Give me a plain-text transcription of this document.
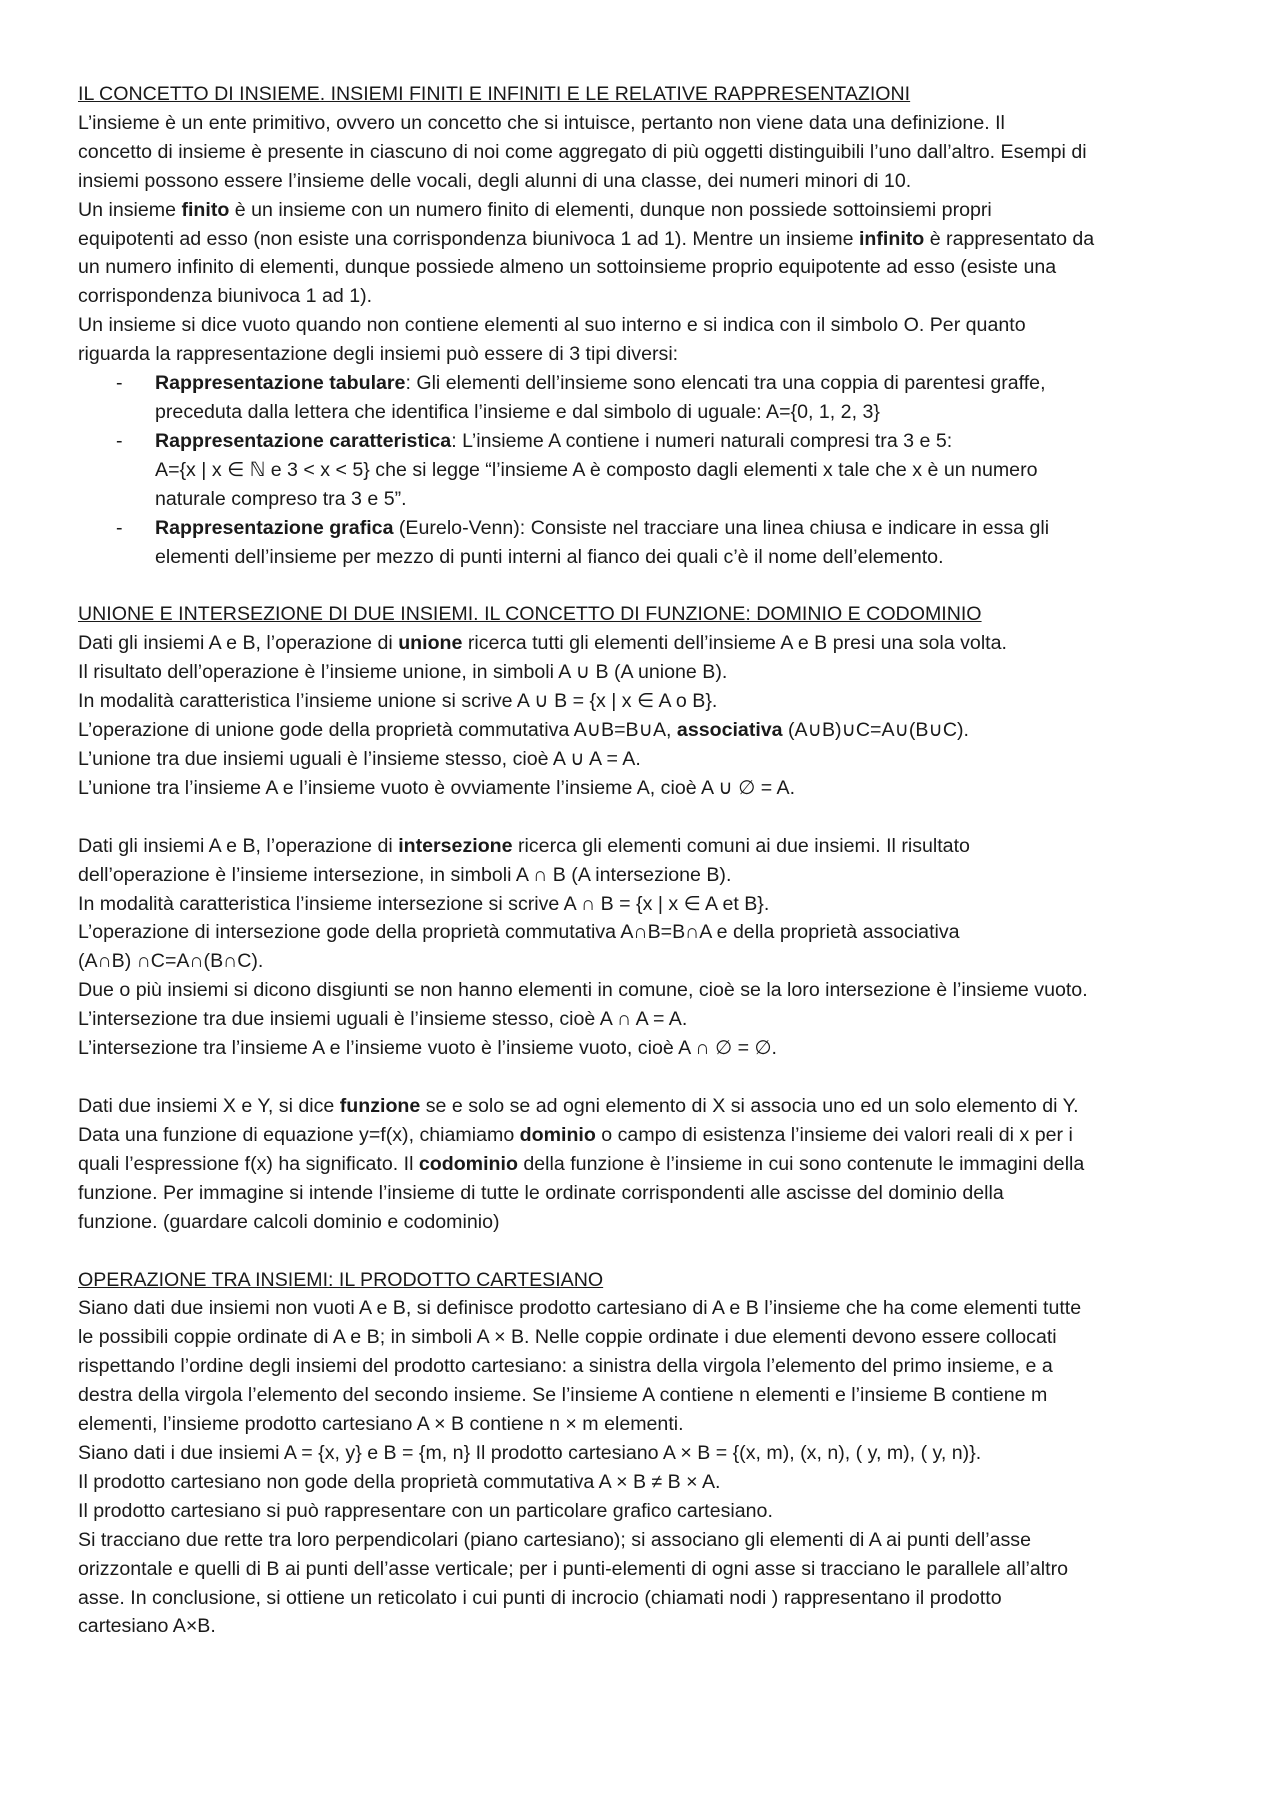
IL CONCETTO DI INSIEME. INSIEMI FINITI E INFINITI E LE RELATIVE RAPPRESENTAZIONI
L’insieme è un ente primitivo, ovvero un concetto che si intuisce, pertanto non viene data una definizione. Il
concetto di insieme è presente in ciascuno di noi come aggregato di più oggetti distinguibili l’uno dall’altro. Esempi di
insiemi possono essere l’insieme delle vocali, degli alunni di una classe, dei numeri minori di 10.
Un insieme finito è un insieme con un numero finito di elementi, dunque non possiede sottoinsiemi propri
equipotenti ad esso (non esiste una corrispondenza biunivoca 1 ad 1). Mentre un insieme infinito è rappresentato da
un numero infinito di elementi, dunque possiede almeno un sottoinsieme proprio equipotente ad esso (esiste una
corrispondenza biunivoca 1 ad 1).
Un insieme si dice vuoto quando non contiene elementi al suo interno e si indica con il simbolo O. Per quanto
riguarda la rappresentazione degli insiemi può essere di 3 tipi diversi:
- Rappresentazione tabulare: Gli elementi dell’insieme sono elencati tra una coppia di parentesi graffe,
preceduta dalla lettera che identifica l’insieme e dal simbolo di uguale: A={0, 1, 2, 3}
- Rappresentazione caratteristica: L’insieme A contiene i numeri naturali compresi tra 3 e 5:
A={x | x ∈ ℕ e 3 < x < 5} che si legge “l’insieme A è composto dagli elementi x tale che x è un numero
naturale compreso tra 3 e 5”.
- Rappresentazione grafica (Eurelo-Venn): Consiste nel tracciare una linea chiusa e indicare in essa gli
elementi dell’insieme per mezzo di punti interni al fianco dei quali c’è il nome dell’elemento.
UNIONE E INTERSEZIONE DI DUE INSIEMI. IL CONCETTO DI FUNZIONE: DOMINIO E CODOMINIO
Dati gli insiemi A e B, l’operazione di unione ricerca tutti gli elementi dell’insieme A e B presi una sola volta.
Il risultato dell’operazione è l’insieme unione, in simboli A ∪ B (A unione B).
In modalità caratteristica l’insieme unione si scrive A ∪ B = {x | x ∈ A o B}.
L’operazione di unione gode della proprietà commutativa A∪B=B∪A, associativa (A∪B)∪C=A∪(B∪C).
L’unione tra due insiemi uguali è l’insieme stesso, cioè A ∪ A = A.
L’unione tra l’insieme A e l’insieme vuoto è ovviamente l’insieme A, cioè A ∪ ∅ = A.
Dati gli insiemi A e B, l’operazione di intersezione ricerca gli elementi comuni ai due insiemi. Il risultato
dell’operazione è l’insieme intersezione, in simboli A ∩ B (A intersezione B).
In modalità caratteristica l’insieme intersezione si scrive A ∩ B = {x | x ∈ A et B}.
L’operazione di intersezione gode della proprietà commutativa A∩B=B∩A e della proprietà associativa
(A∩B) ∩C=A∩(B∩C).
Due o più insiemi si dicono disgiunti se non hanno elementi in comune, cioè se la loro intersezione è l’insieme vuoto.
L’intersezione tra due insiemi uguali è l’insieme stesso, cioè A ∩ A = A.
L’intersezione tra l’insieme A e l’insieme vuoto è l’insieme vuoto, cioè A ∩ ∅ = ∅.
Dati due insiemi X e Y, si dice funzione se e solo se ad ogni elemento di X si associa uno ed un solo elemento di Y.
Data una funzione di equazione y=f(x), chiamiamo dominio o campo di esistenza l’insieme dei valori reali di x per i
quali l’espressione f(x) ha significato. Il codominio della funzione è l’insieme in cui sono contenute le immagini della
funzione. Per immagine si intende l’insieme di tutte le ordinate corrispondenti alle ascisse del dominio della
funzione. (guardare calcoli dominio e codominio)
OPERAZIONE TRA INSIEMI: IL PRODOTTO CARTESIANO
Siano dati due insiemi non vuoti A e B, si definisce prodotto cartesiano di A e B l’insieme che ha come elementi tutte
le possibili coppie ordinate di A e B; in simboli A × B. Nelle coppie ordinate i due elementi devono essere collocati
rispettando l’ordine degli insiemi del prodotto cartesiano: a sinistra della virgola l’elemento del primo insieme, e a
destra della virgola l’elemento del secondo insieme. Se l’insieme A contiene n elementi e l’insieme B contiene m
elementi, l’insieme prodotto cartesiano A × B contiene n × m elementi.
Siano dati i due insiemi A = {x, y} e B = {m, n} Il prodotto cartesiano A × B = {(x, m), (x, n), ( y, m), ( y, n)}.
Il prodotto cartesiano non gode della proprietà commutativa A × B ≠ B × A.
Il prodotto cartesiano si può rappresentare con un particolare grafico cartesiano.
Si tracciano due rette tra loro perpendicolari (piano cartesiano); si associano gli elementi di A ai punti dell’asse
orizzontale e quelli di B ai punti dell’asse verticale; per i punti-elementi di ogni asse si tracciano le parallele all’altro
asse. In conclusione, si ottiene un reticolato i cui punti di incrocio (chiamati nodi ) rappresentano il prodotto
cartesiano A×B.
